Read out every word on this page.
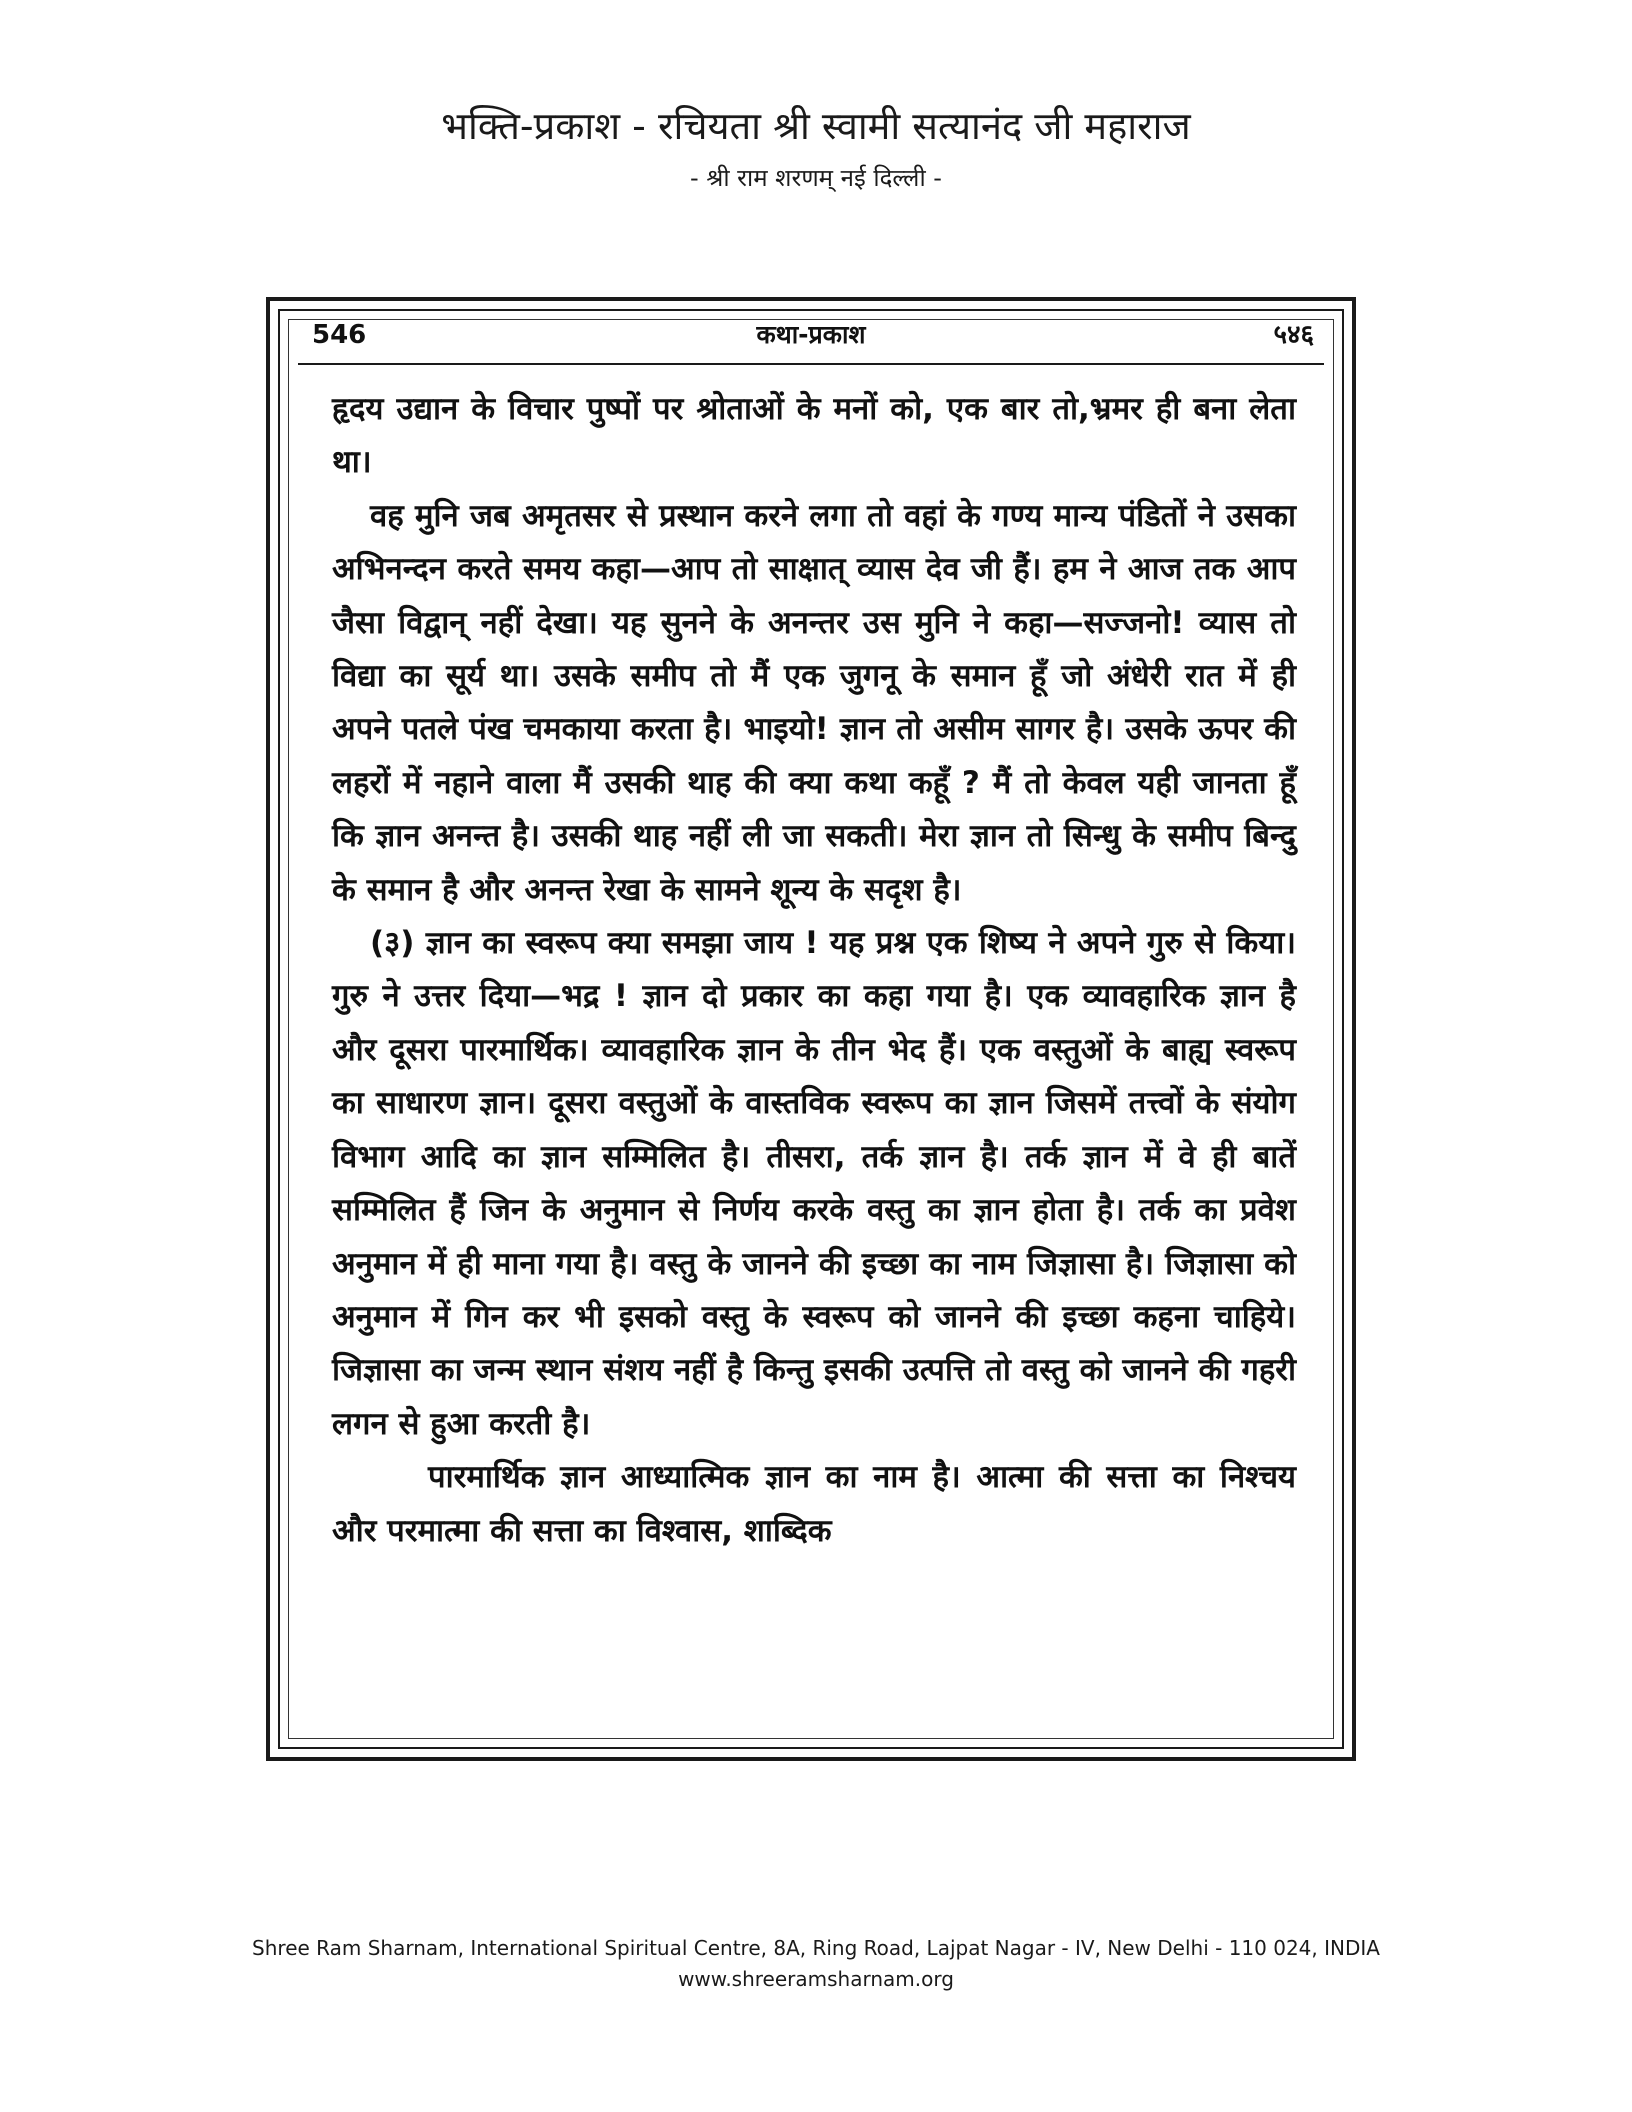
भक्ति-प्रकाश - रचियता श्री स्वामी सत्यानंद जी महाराज
- श्री राम शरणम् नई दिल्ली -
546	कथा-प्रकाश	५४६

हृदय उद्यान के विचार पुष्पों पर श्रोताओं के मनों को, एक बार तो,भ्रमर ही बना लेता था।

वह मुनि जब अमृतसर से प्रस्थान करने लगा तो वहां के गण्य मान्य पंडितों ने उसका अभिनन्दन करते समय कहा—आप तो साक्षात् व्यास देव जी हैं। हम ने आज तक आप जैसा विद्वान् नहीं देखा। यह सुनने के अनन्तर उस मुनि ने कहा—सज्जनो! व्यास तो विद्या का सूर्य था। उसके समीप तो मैं एक जुगनू के समान हूँ जो अंधेरी रात में ही अपने पतले पंख चमकाया करता है। भाइयो! ज्ञान तो असीम सागर है। उसके ऊपर की लहरों में नहाने वाला मैं उसकी थाह की क्या कथा कहूँ ? मैं तो केवल यही जानता हूँ कि ज्ञान अनन्त है। उसकी थाह नहीं ली जा सकती। मेरा ज्ञान तो सिन्धु के समीप बिन्दु के समान है और अनन्त रेखा के सामने शून्य के सदृश है।

(३) ज्ञान का स्वरूप क्या समझा जाय ! यह प्रश्न एक शिष्य ने अपने गुरु से किया। गुरु ने उत्तर दिया—भद्र ! ज्ञान दो प्रकार का कहा गया है। एक व्यावहारिक ज्ञान है और दूसरा पारमार्थिक। व्यावहारिक ज्ञान के तीन भेद हैं। एक वस्तुओं के बाह्य स्वरूप का साधारण ज्ञान। दूसरा वस्तुओं के वास्तविक स्वरूप का ज्ञान जिसमें तत्त्वों के संयोग विभाग आदि का ज्ञान सम्मिलित है। तीसरा, तर्क ज्ञान है। तर्क ज्ञान में वे ही बातें सम्मिलित हैं जिन के अनुमान से निर्णय करके वस्तु का ज्ञान होता है। तर्क का प्रवेश अनुमान में ही माना गया है। वस्तु के जानने की इच्छा का नाम जिज्ञासा है। जिज्ञासा को अनुमान में गिन कर भी इसको वस्तु के स्वरूप को जानने की इच्छा कहना चाहिये। जिज्ञासा का जन्म स्थान संशय नहीं है किन्तु इसकी उत्पत्ति तो वस्तु को जानने की गहरी लगन से हुआ करती है।

पारमार्थिक ज्ञान आध्यात्मिक ज्ञान का नाम है। आत्मा की सत्ता का निश्चय और परमात्मा की सत्ता का विश्वास, शाब्दिक

Shree Ram Sharnam, International Spiritual Centre, 8A, Ring Road, Lajpat Nagar - IV, New Delhi - 110 024, INDIA
www.shreeramsharnam.org
